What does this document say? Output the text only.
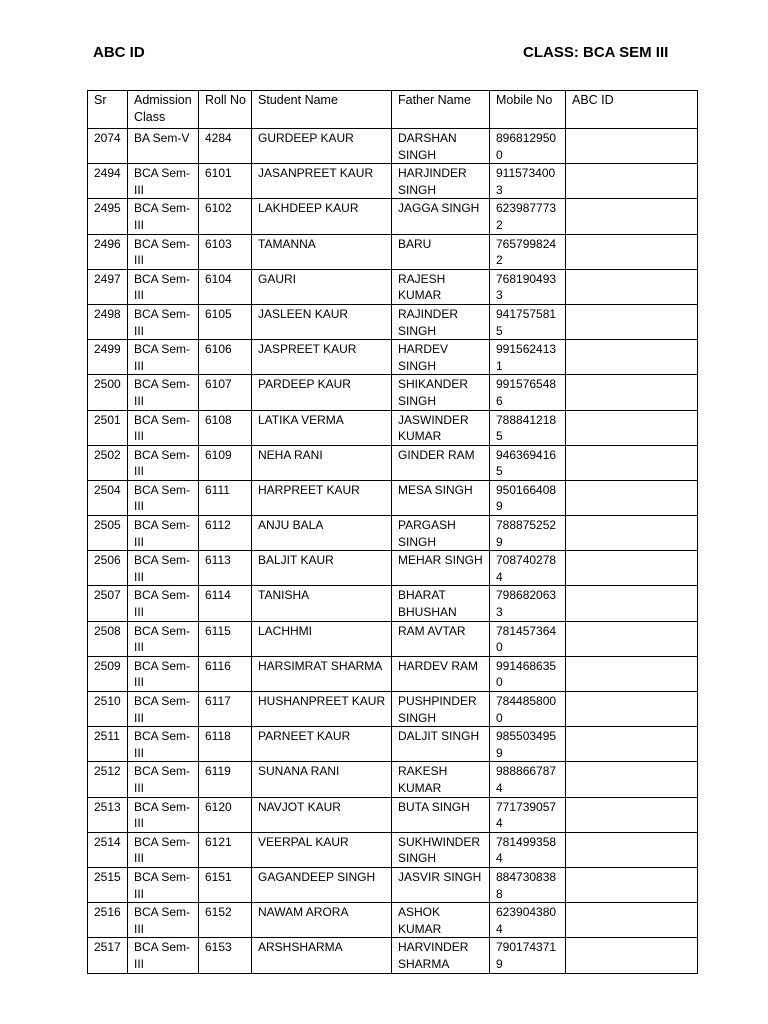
ABC ID	CLASS: BCA SEM III
Sr	Admission Class	Roll No	Student Name	Father Name	Mobile No	ABC ID
2074	BA Sem-V	4284	GURDEEP KAUR	DARSHAN SINGH	8968129500	
2494	BCA Sem-III	6101	JASANPREET KAUR	HARJINDER SINGH	9115734003	
2495	BCA Sem-III	6102	LAKHDEEP KAUR	JAGGA SINGH	6239877732	
2496	BCA Sem-III	6103	TAMANNA	BARU	7657998242	
2497	BCA Sem-III	6104	GAURI	RAJESH KUMAR	7681904933	
2498	BCA Sem-III	6105	JASLEEN KAUR	RAJINDER SINGH	9417575815	
2499	BCA Sem-III	6106	JASPREET KAUR	HARDEV SINGH	9915624131	
2500	BCA Sem-III	6107	PARDEEP KAUR	SHIKANDER SINGH	9915765486	
2501	BCA Sem-III	6108	LATIKA VERMA	JASWINDER KUMAR	7888412185	
2502	BCA Sem-III	6109	NEHA RANI	GINDER RAM	9463694165	
2504	BCA Sem-III	6111	HARPREET KAUR	MESA SINGH	9501664089	
2505	BCA Sem-III	6112	ANJU BALA	PARGASH SINGH	7888752529	
2506	BCA Sem-III	6113	BALJIT KAUR	MEHAR SINGH	7087402784	
2507	BCA Sem-III	6114	TANISHA	BHARAT BHUSHAN	7986820633	
2508	BCA Sem-III	6115	LACHHMI	RAM AVTAR	7814573640	
2509	BCA Sem-III	6116	HARSIMRAT SHARMA	HARDEV RAM	9914686350	
2510	BCA Sem-III	6117	HUSHANPREET KAUR	PUSHPINDER SINGH	7844858000	
2511	BCA Sem-III	6118	PARNEET KAUR	DALJIT SINGH	9855034959	
2512	BCA Sem-III	6119	SUNANA RANI	RAKESH KUMAR	9888667874	
2513	BCA Sem-III	6120	NAVJOT KAUR	BUTA SINGH	7717390574	
2514	BCA Sem-III	6121	VEERPAL KAUR	SUKHWINDER SINGH	7814993584	
2515	BCA Sem-III	6151	GAGANDEEP SINGH	JASVIR SINGH	8847308388	
2516	BCA Sem-III	6152	NAWAM ARORA	ASHOK KUMAR	6239043804	
2517	BCA Sem-III	6153	ARSHSHARMA	HARVINDER SHARMA	7901743719	
